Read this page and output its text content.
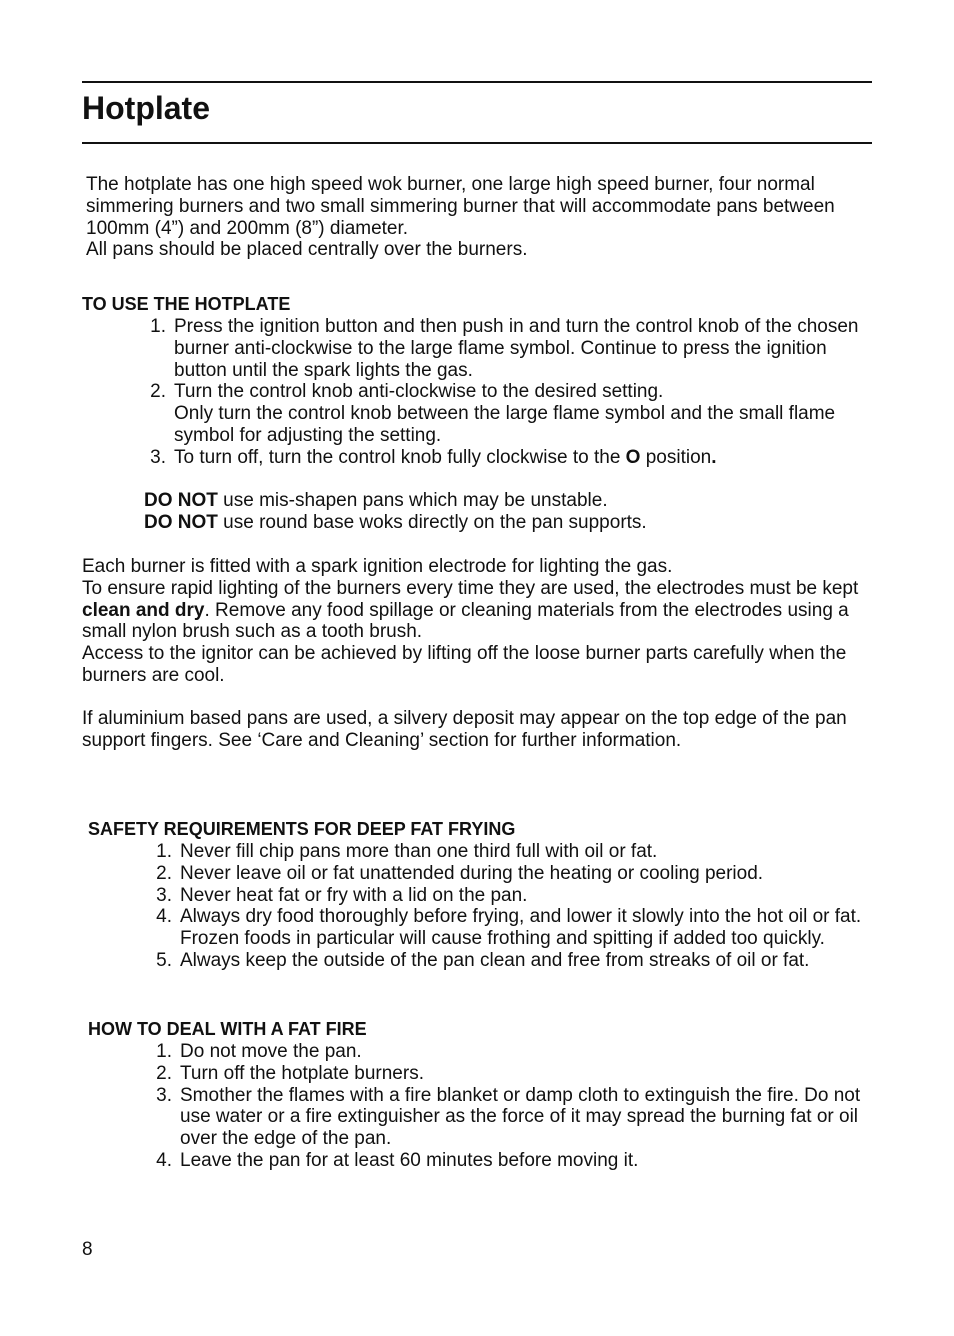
Hotplate
The hotplate has one high speed wok burner, one large high speed burner, four normal simmering burners and two small simmering burner that will accommodate pans between 100mm (4”) and 200mm (8”) diameter.
All pans should be placed centrally over the burners.
TO USE THE HOTPLATE
1 . Press the ignition button and then push in and turn the control knob of the chosen burner anti-clockwise to the large flame symbol. Continue to press the ignition button until the spark lights the gas.
2 . Turn the control knob anti-clockwise to the desired setting.
Only turn the control knob between the large flame symbol and the small flame symbol for adjusting the setting.
3 . To turn off, turn the control knob fully clockwise to the O position.
DO NOT use mis-shapen pans which may be unstable.
DO NOT use round base woks directly on the pan supports.
Each burner is fitted with a spark ignition electrode for lighting the gas.
To ensure rapid lighting of the burners every time they are used, the electrodes must be kept clean and dry. Remove any food spillage or cleaning materials from the electrodes using a small nylon brush such as a tooth brush.
Access to the ignitor can be achieved by lifting off the loose burner parts carefully when the burners are cool.
If aluminium based pans are used, a silvery deposit may appear on the top edge of the pan support fingers. See ‘Care and Cleaning’ section for further information.
SAFETY REQUIREMENTS FOR DEEP FAT FRYING
1 . Never fill chip pans more than one third full with oil or fat.
2 . Never leave oil or fat unattended during the heating or cooling period.
3 . Never heat fat or fry with a lid on the pan.
4 . Always dry food thoroughly before frying, and lower it slowly into the hot oil or fat. Frozen foods in particular will cause frothing and spitting if added too quickly.
5 . Always keep the outside of the pan clean and free from streaks of oil or fat.
HOW TO DEAL WITH A FAT FIRE
1 . Do not move the pan.
2 . Turn off the hotplate burners.
3 . Smother the flames with a fire blanket or damp cloth to extinguish the fire. Do not use water or a fire extinguisher as the force of it may spread the burning fat or oil over the edge of the pan.
4 . Leave the pan for at least 60 minutes before moving it.
8
